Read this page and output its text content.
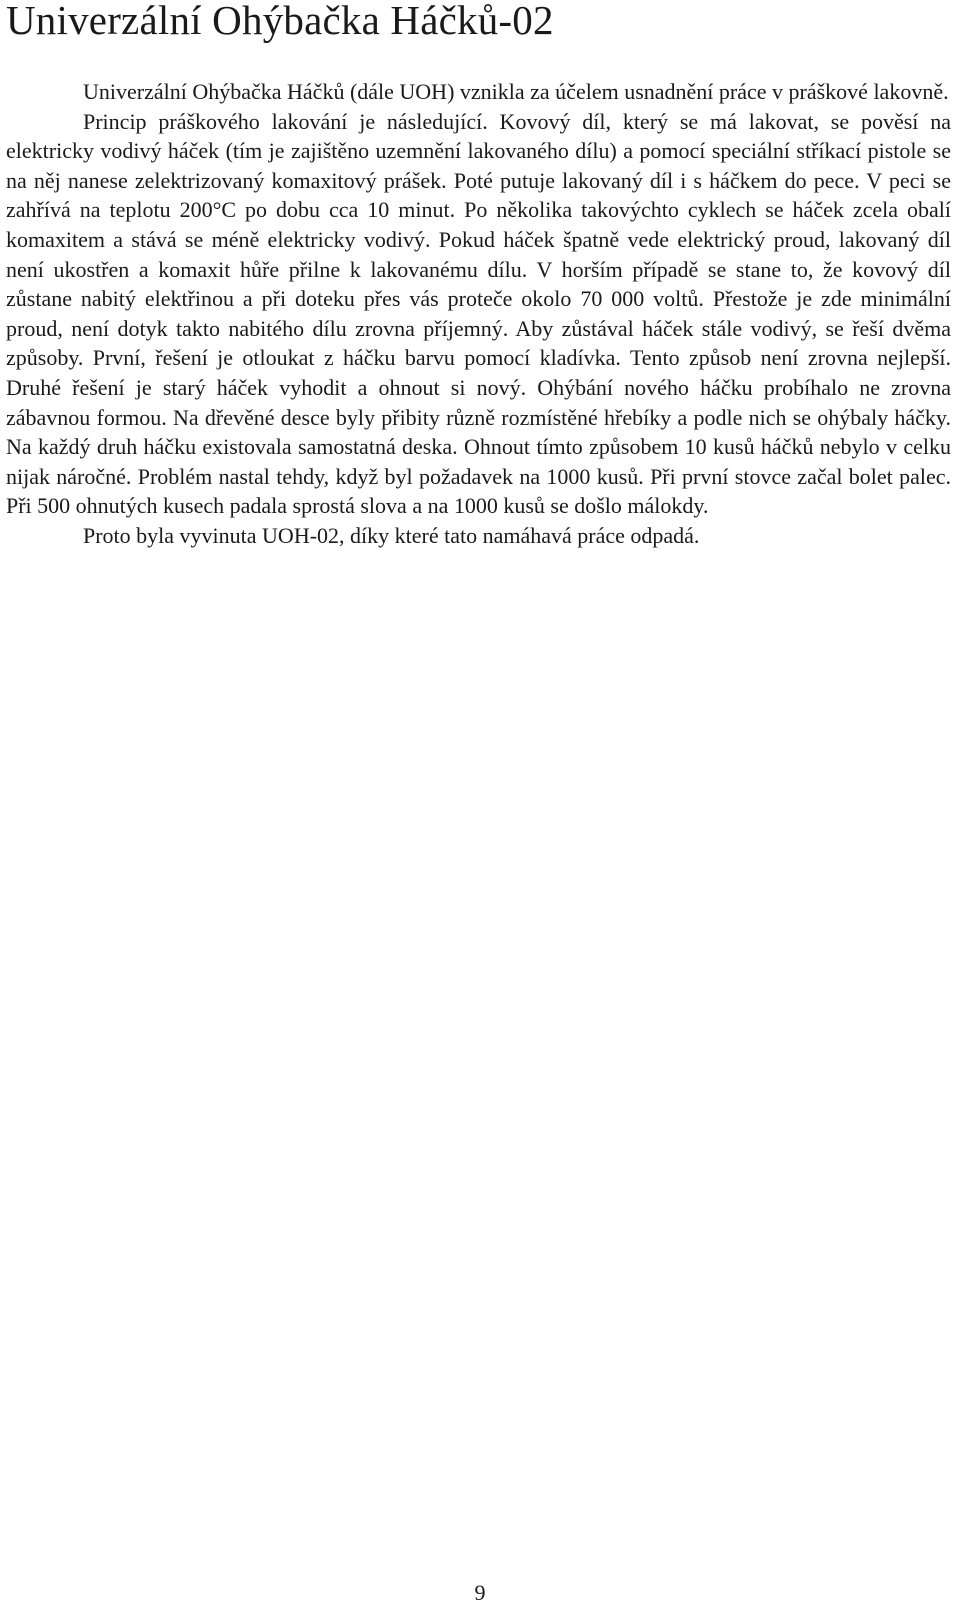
Univerzální Ohýbačka Háčků-02

Univerzální Ohýbačka Háčků (dále UOH) vznikla za účelem usnadnění práce v práškové lakovně.

Princip práškového lakování je následující. Kovový díl, který se má lakovat, se pověsí na elektricky vodivý háček (tím je zajištěno uzemnění lakovaného dílu) a pomocí speciální stříkací pistole se na něj nanese zelektrizovaný komaxitový prášek. Poté putuje lakovaný díl i s háčkem do pece. V peci se zahřívá na teplotu 200°C po dobu cca 10 minut. Po několika takovýchto cyklech se háček zcela obalí komaxitem a stává se méně elektricky vodivý. Pokud háček špatně vede elektrický proud, lakovaný díl není ukostřen a komaxit hůře přilne k lakovanému dílu. V horším případě se stane to, že kovový díl zůstane nabitý elektřinou a při doteku přes vás proteče okolo 70 000 voltů. Přestože je zde minimální proud, není dotyk takto nabitého dílu zrovna příjemný. Aby zůstával háček stále vodivý, se řeší dvěma způsoby. První, řešení je otloukat z háčku barvu pomocí kladívka. Tento způsob není zrovna nejlepší. Druhé řešení je starý háček vyhodit a ohnout si nový. Ohýbání nového háčku probíhalo ne zrovna zábavnou formou. Na dřevěné desce byly přibity různě rozmístěné hřebíky a podle nich se ohýbaly háčky. Na každý druh háčku existovala samostatná deska. Ohnout tímto způsobem 10 kusů háčků nebylo v celku nijak náročné. Problém nastal tehdy, když byl požadavek na 1000 kusů. Při první stovce začal bolet palec. Při 500 ohnutých kusech padala sprostá slova a na 1000 kusů se došlo málokdy.

Proto byla vyvinuta UOH-02, díky které tato namáhavá práce odpadá.

9
